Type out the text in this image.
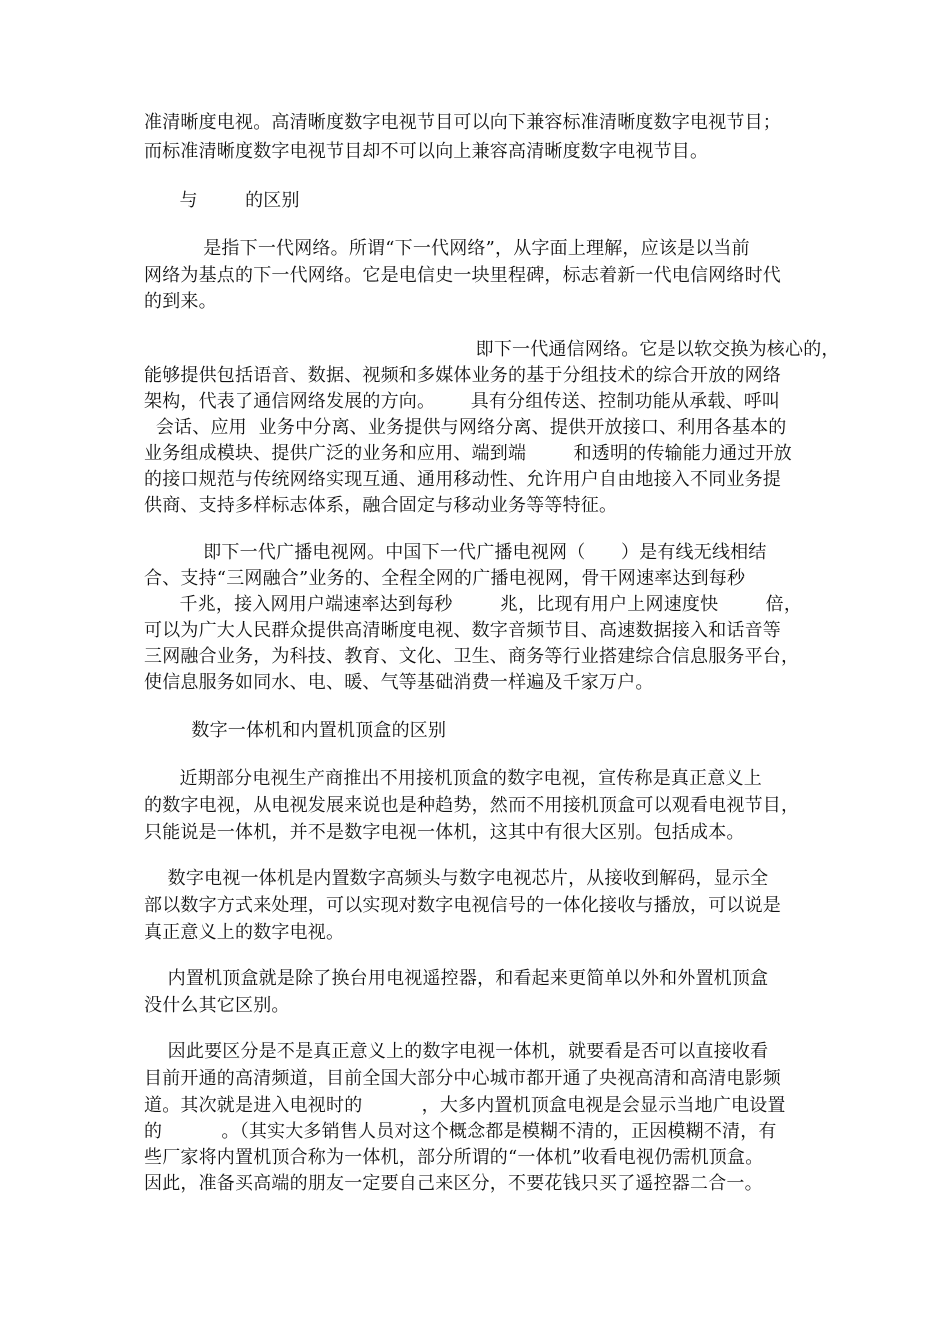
准清晰度电视。高清晰度数字电视节目可以向下兼容标准清晰度数字电视节目；
而标准清晰度数字电视节目却不可以向上兼容高清晰度数字电视节目。
与        的区别
是指下一代网络。所谓“下一代网络”，从字面上理解，应该是以当前
网络为基点的下一代网络。它是电信史一块里程碑，标志着新一代电信网络时代
的到来。
即下一代通信网络。它是以软交换为核心的，
能够提供包括语音、数据、视频和多媒体业务的基于分组技术的综合开放的网络
架构，代表了通信网络发展的方向。      具有分组传送、控制功能从承载、呼叫
会话、应用  业务中分离、业务提供与网络分离、提供开放接口、利用各基本的
业务组成模块、提供广泛的业务和应用、端到端        和透明的传输能力通过开放
的接口规范与传统网络实现互通、通用移动性、允许用户自由地接入不同业务提
供商、支持多样标志体系，融合固定与移动业务等等特征。
即下一代广播电视网。中国下一代广播电视网（      ）是有线无线相结
合、支持“三网融合”业务的、全程全网的广播电视网，骨干网速率达到每秒
千兆，接入网用户端速率达到每秒        兆，比现有用户上网速度快        倍，
可以为广大人民群众提供高清晰度电视、数字音频节目、高速数据接入和话音等
三网融合业务，为科技、教育、文化、卫生、商务等行业搭建综合信息服务平台，
使信息服务如同水、电、暖、气等基础消费一样遍及千家万户。
数字一体机和内置机顶盒的区别
近期部分电视生产商推出不用接机顶盒的数字电视，宣传称是真正意义上
的数字电视，从电视发展来说也是种趋势，然而不用接机顶盒可以观看电视节目，
只能说是一体机，并不是数字电视一体机，这其中有很大区别。包括成本。
数字电视一体机是内置数字高频头与数字电视芯片，从接收到解码，显示全
部以数字方式来处理，可以实现对数字电视信号的一体化接收与播放，可以说是
真正意义上的数字电视。
内置机顶盒就是除了换台用电视遥控器，和看起来更简单以外和外置机顶盒
没什么其它区别。
因此要区分是不是真正意义上的数字电视一体机，就要看是否可以直接收看
目前开通的高清频道，目前全国大部分中心城市都开通了央视高清和高清电影频
道。其次就是进入电视时的          ，大多内置机顶盒电视是会显示当地广电设置
的          。（其实大多销售人员对这个概念都是模糊不清的，正因模糊不清，有
些厂家将内置机顶合称为一体机，部分所谓的“一体机”收看电视仍需机顶盒。
因此，准备买高端的朋友一定要自己来区分，不要花钱只买了遥控器二合一。
